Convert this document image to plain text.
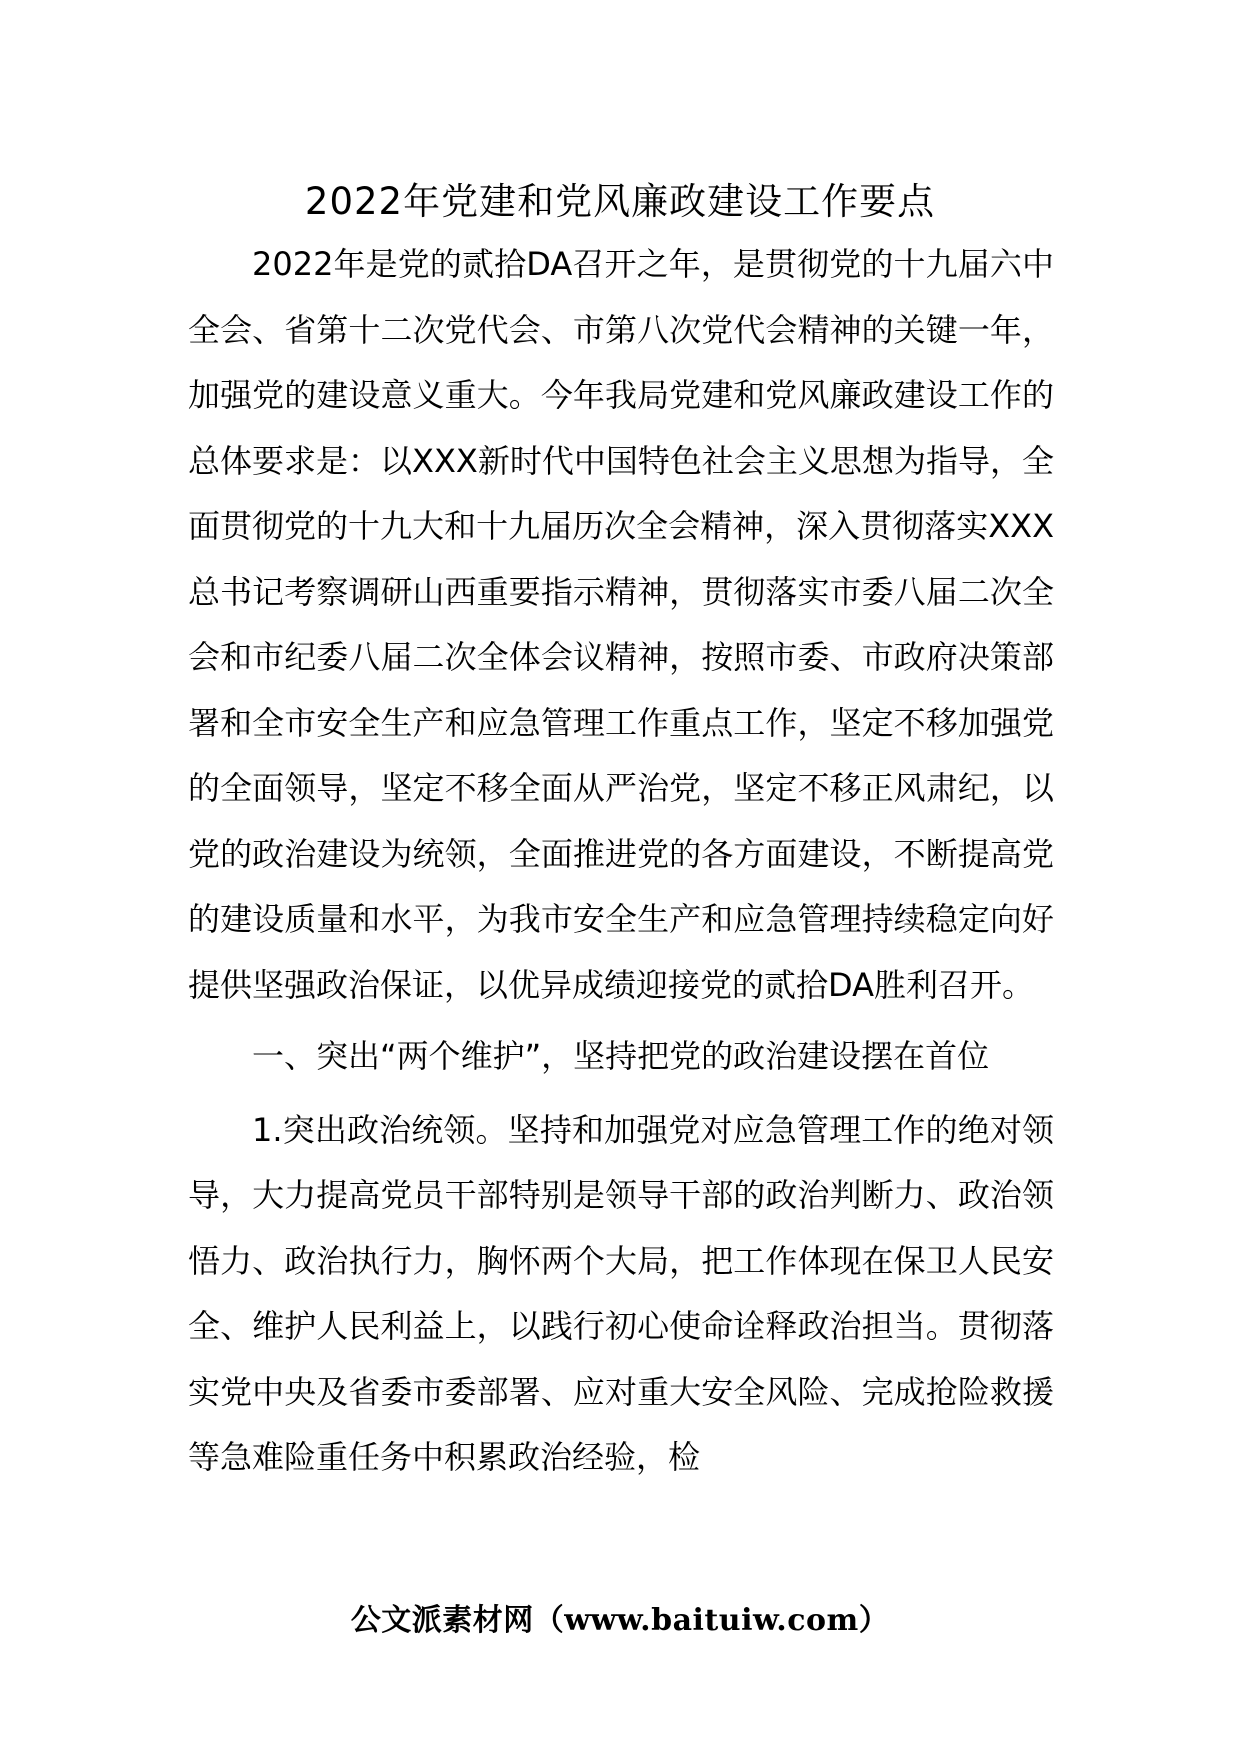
2022年党建和党风廉政建设工作要点

2022年是党的贰拾DA召开之年，是贯彻党的十九届六中全会、省第十二次党代会、市第八次党代会精神的关键一年，加强党的建设意义重大。今年我局党建和党风廉政建设工作的总体要求是：以XXX新时代中国特色社会主义思想为指导，全面贯彻党的十九大和十九届历次全会精神，深入贯彻落实XXX总书记考察调研山西重要指示精神，贯彻落实市委八届二次全会和市纪委八届二次全体会议精神，按照市委、市政府决策部署和全市安全生产和应急管理工作重点工作，坚定不移加强党的全面领导，坚定不移全面从严治党，坚定不移正风肃纪，以党的政治建设为统领，全面推进党的各方面建设，不断提高党的建设质量和水平，为我市安全生产和应急管理持续稳定向好提供坚强政治保证，以优异成绩迎接党的贰拾DA胜利召开。

一、突出“两个维护”，坚持把党的政治建设摆在首位

1.突出政治统领。坚持和加强党对应急管理工作的绝对领导，大力提高党员干部特别是领导干部的政治判断力、政治领悟力、政治执行力，胸怀两个大局，把工作体现在保卫人民安全、维护人民利益上，以践行初心使命诠释政治担当。贯彻落实党中央及省委市委部署、应对重大安全风险、完成抢险救援等急难险重任务中积累政治经验，检

公文派素材网（www.baituiw.com）
